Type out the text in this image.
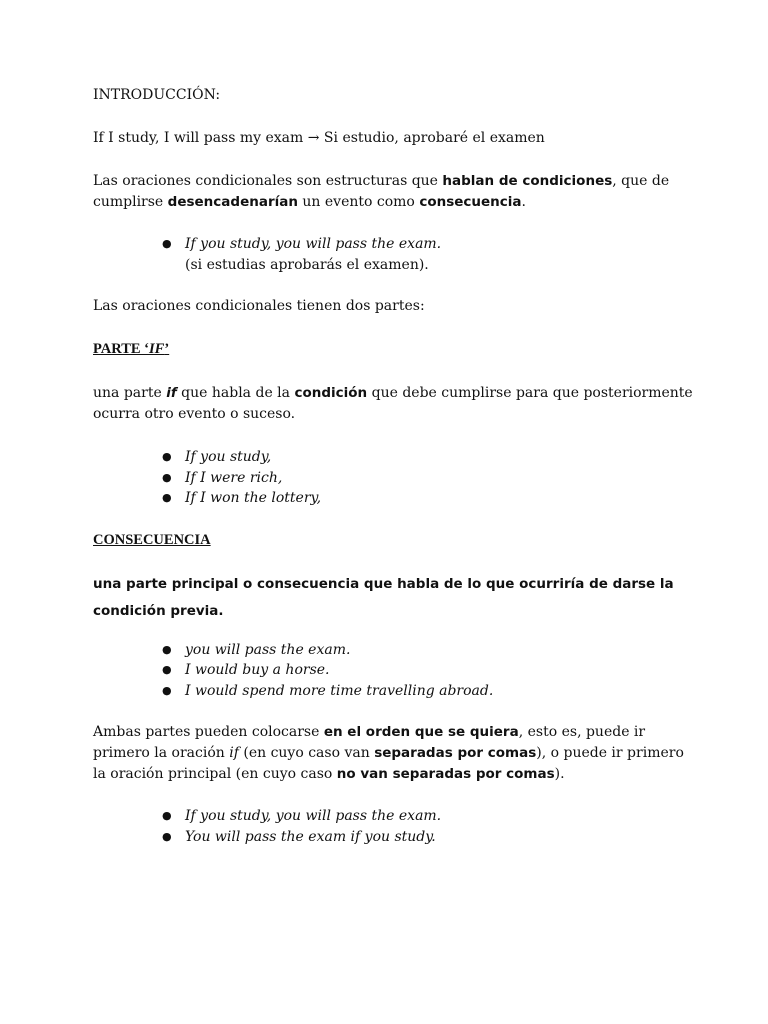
INTRODUCCIÓN:

If I study, I will pass my exam → Si estudio, aprobaré el examen

Las oraciones condicionales son estructuras que hablan de condiciones, que de cumplirse desencadenarían un evento como consecuencia.

● If you study, you will pass the exam.
(si estudias aprobarás el examen).

Las oraciones condicionales tienen dos partes:

PARTE ‘IF’

una parte if que habla de la condición que debe cumplirse para que posteriormente ocurra otro evento o suceso.

● If you study,
● If I were rich,
● If I won the lottery,

CONSECUENCIA

una parte principal o consecuencia que habla de lo que ocurriría de darse la condición previa.

● you will pass the exam.
● I would buy a horse.
● I would spend more time travelling abroad.

Ambas partes pueden colocarse en el orden que se quiera, esto es, puede ir primero la oración if (en cuyo caso van separadas por comas), o puede ir primero la oración principal (en cuyo caso no van separadas por comas).

● If you study, you will pass the exam.
● You will pass the exam if you study.
